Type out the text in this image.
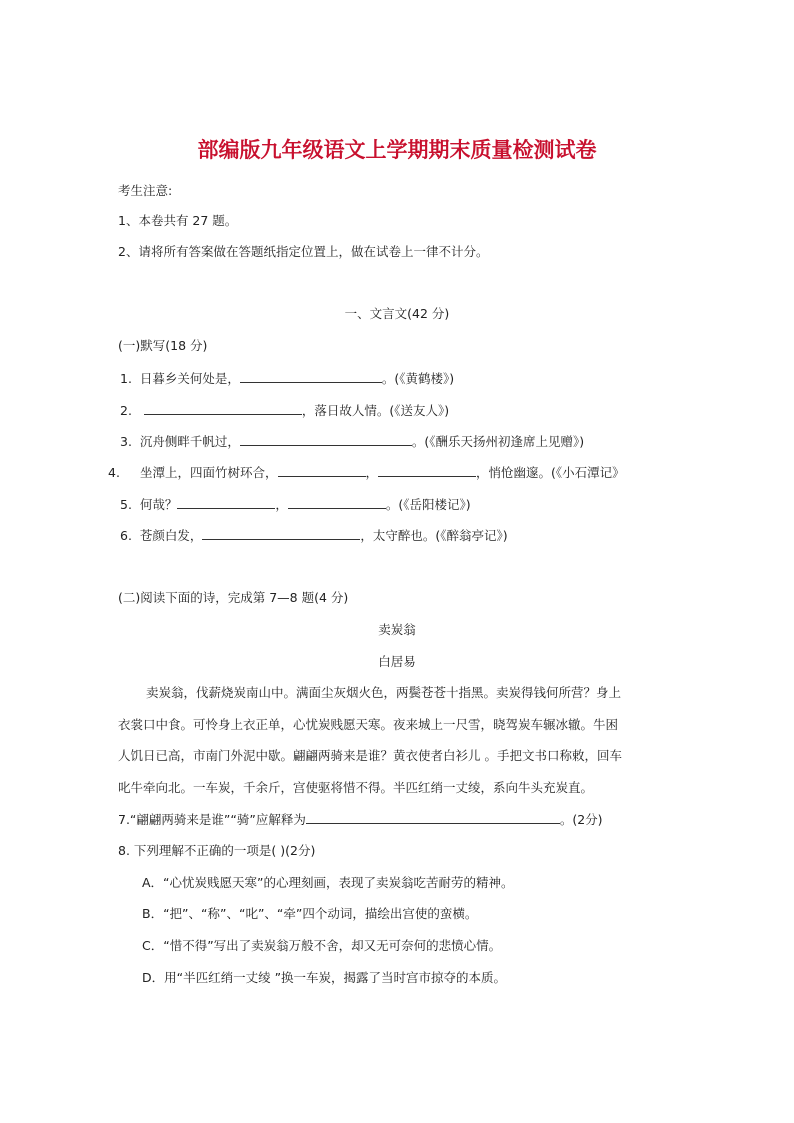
部编版九年级语文上学期期末质量检测试卷
考生注意:
1、本卷共有 27 题。
2、请将所有答案做在答题纸指定位置上，做在试卷上一律不计分。
一、文言文(42 分)
(一)默写(18 分)
1. 日暮乡关何处是，	。(《黄鹤楼》)
2.	，落日故人情。(《送友人》)
3. 沉舟侧畔千帆过，	。(《酬乐天扬州初逢席上见赠》)
4. 坐潭上，四面竹树环合，	，	，悄怆幽邃。(《小石潭记》
5. 何哉？	，	。(《岳阳楼记》)
6. 苍颜白发，	，太守醉也。(《醉翁亭记》)
(二)阅读下面的诗，完成第 7—8 题(4 分)
卖炭翁
白居易
卖炭翁，伐薪烧炭南山中。满面尘灰烟火色，两鬓苍苍十指黑。卖炭得钱何所营？身上
衣裳口中食。可怜身上衣正单，心忧炭贱愿天寒。夜来城上一尺雪，晓驾炭车辗冰辙。牛困
人饥日已高，市南门外泥中歇。翩翩两骑来是谁？黄衣使者白衫儿 。手把文书口称敕，回车
叱牛牵向北。一车炭，千余斤，宫使驱将惜不得。半匹红绡一丈绫，系向牛头充炭直。
7.“翩翩两骑来是谁”“骑”应解释为	。(2分)
8. 下列理解不正确的一项是( )(2分)
A．“心忧炭贱愿天寒”的心理刻画，表现了卖炭翁吃苦耐劳的精神。
B．“把”、“称”、“叱”、“牵”四个动词，描绘出宫使的蛮横。
C．“惜不得”写出了卖炭翁万般不舍，却又无可奈何的悲愤心情。
D．用“半匹红绡一丈绫 ”换一车炭，揭露了当时宫市掠夺的本质。
